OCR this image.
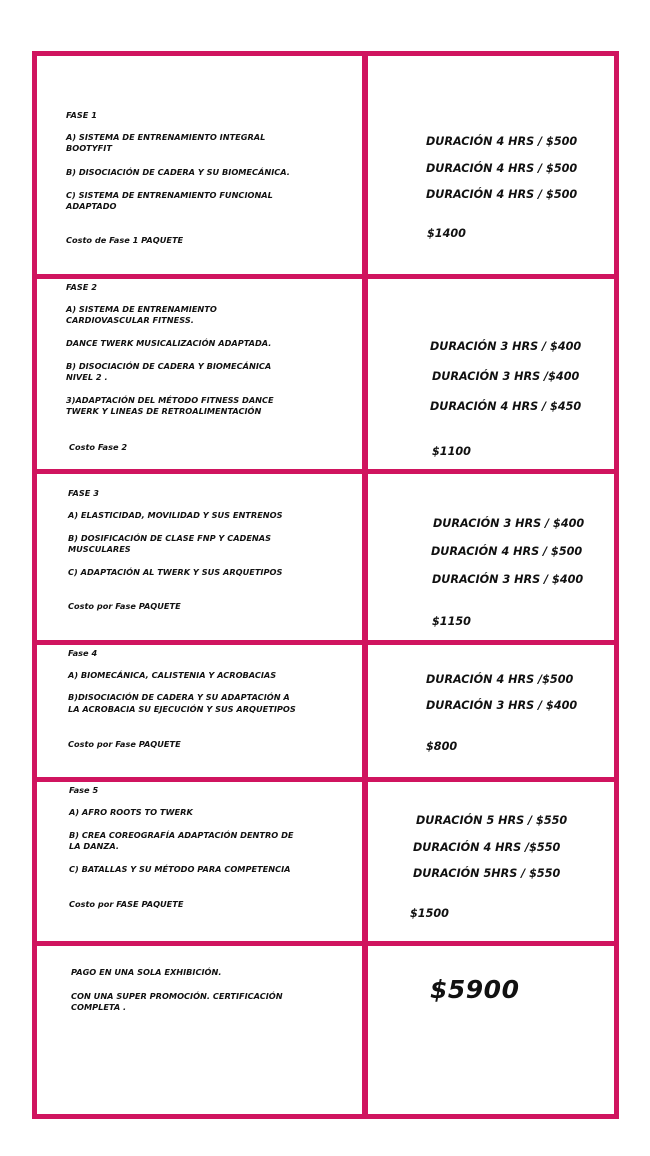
FASE 1

A) SISTEMA DE ENTRENAMIENTO INTEGRAL

BOOTYFIT

B) DISOCIACIÓN DE CADERA Y SU BIOMECÁNICA.

C) SISTEMA DE ENTRENAMIENTO FUNCIONAL

ADAPTADO

Costo de Fase 1 PAQUETE

DURACIÓN 4 HRS / $500

DURACIÓN 4 HRS / $500

DURACIÓN 4 HRS / $500

$1400

FASE 2

A) SISTEMA DE ENTRENAMIENTO

CARDIOVASCULAR FITNESS.

DANCE TWERK MUSICALIZACIÓN ADAPTADA.

B) DISOCIACIÓN DE CADERA Y BIOMECÁNICA

NIVEL 2 .

3)ADAPTACIÓN DEL MÉTODO FITNESS DANCE

TWERK Y LINEAS DE RETROALIMENTACIÓN

Costo Fase 2

DURACIÓN 3 HRS / $400

DURACIÓN 3 HRS /$400

DURACIÓN 4 HRS / $450

$1100

FASE 3

A) ELASTICIDAD, MOVILIDAD Y SUS ENTRENOS

B) DOSIFICACIÓN DE CLASE FNP Y CADENAS

MUSCULARES

C) ADAPTACIÓN AL TWERK Y SUS ARQUETIPOS

Costo por Fase PAQUETE

DURACIÓN 3 HRS / $400

DURACIÓN 4 HRS / $500

DURACIÓN 3 HRS / $400

$1150

Fase 4

A) BIOMECÁNICA, CALISTENIA Y ACROBACIAS

B)DISOCIACIÓN DE CADERA Y SU ADAPTACIÓN A

LA ACROBACIA SU EJECUCIÓN Y SUS ARQUETIPOS

Costo por Fase PAQUETE

DURACIÓN 4 HRS /$500

DURACIÓN 3 HRS / $400

$800

Fase 5

A) AFRO ROOTS TO TWERK

B) CREA COREOGRAFÍA ADAPTACIÓN DENTRO DE

LA DANZA.

C) BATALLAS Y SU MÉTODO PARA COMPETENCIA

Costo por FASE PAQUETE

DURACIÓN 5 HRS / $550

DURACIÓN 4 HRS /$550

DURACIÓN 5HRS / $550

$1500

PAGO EN UNA SOLA EXHIBICIÓN.

CON UNA SUPER PROMOCIÓN. CERTIFICACIÓN

COMPLETA .

$5900
